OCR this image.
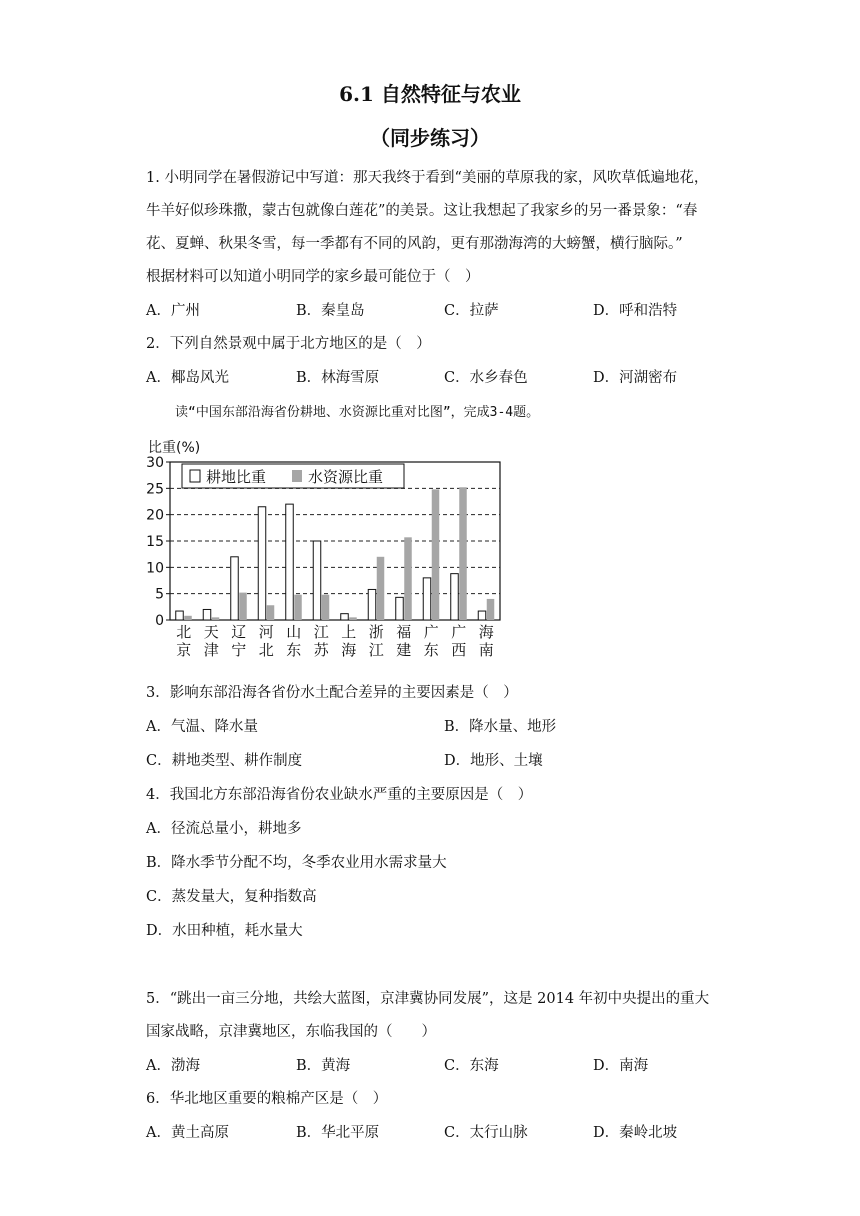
6.1 自然特征与农业
（同步练习）
1. 小明同学在暑假游记中写道：那天我终于看到“美丽的草原我的家，风吹草低遍地花，
牛羊好似珍珠撒，蒙古包就像白莲花”的美景。这让我想起了我家乡的另一番景象：“春
花、夏蝉、秋果冬雪，每一季都有不同的风韵，更有那渤海湾的大螃蟹，横行脑际。”
根据材料可以知道小明同学的家乡最可能位于（　）
A．广州	B．秦皇岛	C．拉萨	D．呼和浩特
2．下列自然景观中属于北方地区的是（　）
A．椰岛风光	B．林海雪原	C．水乡春色	D．河湖密布
读“中国东部沿海省份耕地、水资源比重对比图”，完成3-4题。
比重(%)
0
5
10
15
20
25
30
北
京
天
津
辽
宁
河
北
山
东
江
苏
上
海
浙
江
福
建
广
东
广
西
海
南
耕地比重	水资源比重
3．影响东部沿海各省份水土配合差异的主要因素是（　）
A．气温、降水量	B．降水量、地形
C．耕地类型、耕作制度	D．地形、土壤
4．我国北方东部沿海省份农业缺水严重的主要原因是（　）
A．径流总量小，耕地多
B．降水季节分配不均，冬季农业用水需求量大
C．蒸发量大，复种指数高
D．水田种植，耗水量大
5．“跳出一亩三分地，共绘大蓝图，京津冀协同发展”，这是 2014 年初中央提出的重大
国家战略，京津冀地区，东临我国的（　　）
A．渤海	B．黄海	C．东海	D．南海
6．华北地区重要的粮棉产区是（　）
A．黄土高原	B．华北平原	C．太行山脉	D．秦岭北坡
